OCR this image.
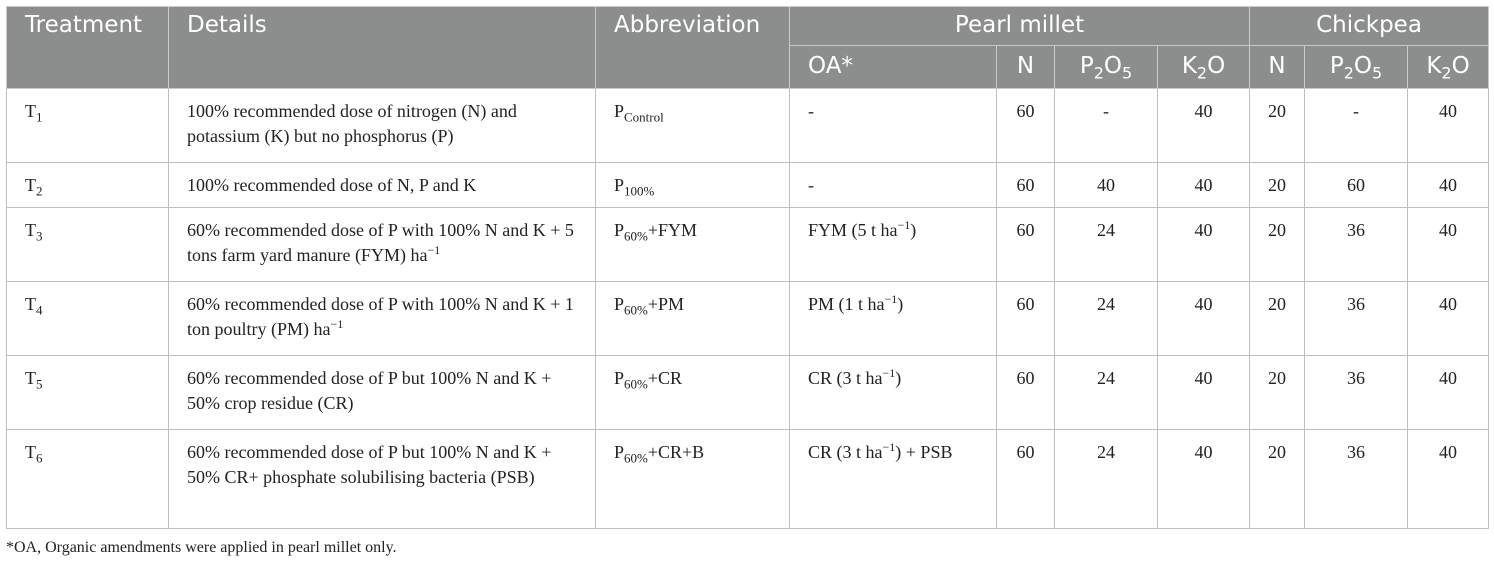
Treatment	Details	Abbreviation	Pearl millet				Chickpea		
			OA*	N	$P_2O_5$	$K_2O$	N	$P_2O_5$	$K_2O$
$T_1$	100% recommended dose of nitrogen (N) and potassium (K) but no phosphorus (P)	$P_{Control}$	-	60	-	40	20	-	40
$T_2$	100% recommended dose of N, P and K	$P_{100\%}$	-	60	40	40	20	60	40
$T_3$	60% recommended dose of P with 100% N and K + 5 tons farm yard manure (FYM) $ha^{-1}$	$P_{60\%}+FYM$	FYM (5 t $ha^{-1}$)	60	24	40	20	36	40
$T_4$	60% recommended dose of P with 100% N and K + 1 ton poultry (PM) $ha^{-1}$	$P_{60\%}+PM$	PM (1 t $ha^{-1}$)	60	24	40	20	36	40
$T_5$	60% recommended dose of P but 100% N and K + 50% crop residue (CR)	$P_{60\%}+CR$	CR (3 t $ha^{-1}$)	60	24	40	20	36	40
$T_6$	60% recommended dose of P but 100% N and K + 50% CR+ phosphate solubilising bacteria (PSB)	$P_{60\%}+CR+B$	CR (3 t $ha^{-1}$) + PSB	60	24	40	20	36	40
*OA, Organic amendments were applied in pearl millet only.
